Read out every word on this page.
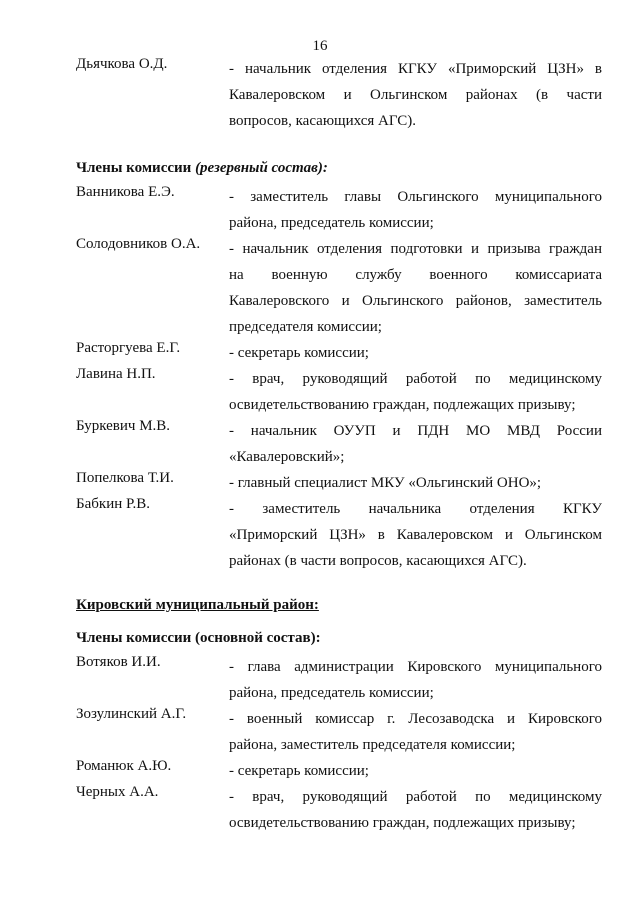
16
Дьячкова О.Д.	- начальник отделения КГКУ «Приморский ЦЗН» в
Кавалеровском и Ольгинском районах (в части
вопросов, касающихся АГС).
Члены комиссии (резервный состав):
Ванникова Е.Э.	- заместитель главы Ольгинского муниципального
района, председатель комиссии;
Солодовников О.А. - начальник отделения подготовки и призыва граждан
на военную службу военного комиссариата
Кавалеровского и Ольгинского районов, заместитель
председателя комиссии;
Расторгуева Е.Г.	- секретарь комиссии;
Лавина Н.П.	- врач, руководящий работой по медицинскому
освидетельствованию граждан, подлежащих призыву;
Буркевич М.В.	- начальник ОУУП и ПДН МО МВД России
«Кавалеровский»;
Попелкова Т.И.	- главный специалист МКУ «Ольгинский ОНО»;
Бабкин Р.В.	- заместитель начальника отделения КГКУ
«Приморский ЦЗН» в Кавалеровском и Ольгинском
районах (в части вопросов, касающихся АГС).
Кировский муниципальный район:
Члены комиссии (основной состав):
Вотяков И.И.	- глава администрации Кировского муниципального
района, председатель комиссии;
Зозулинский А.Г.	- военный комиссар г. Лесозаводска и Кировского
района, заместитель председателя комиссии;
Романюк А.Ю.	- секретарь комиссии;
Черных А.А.	- врач, руководящий работой по медицинскому
освидетельствованию граждан, подлежащих призыву;
